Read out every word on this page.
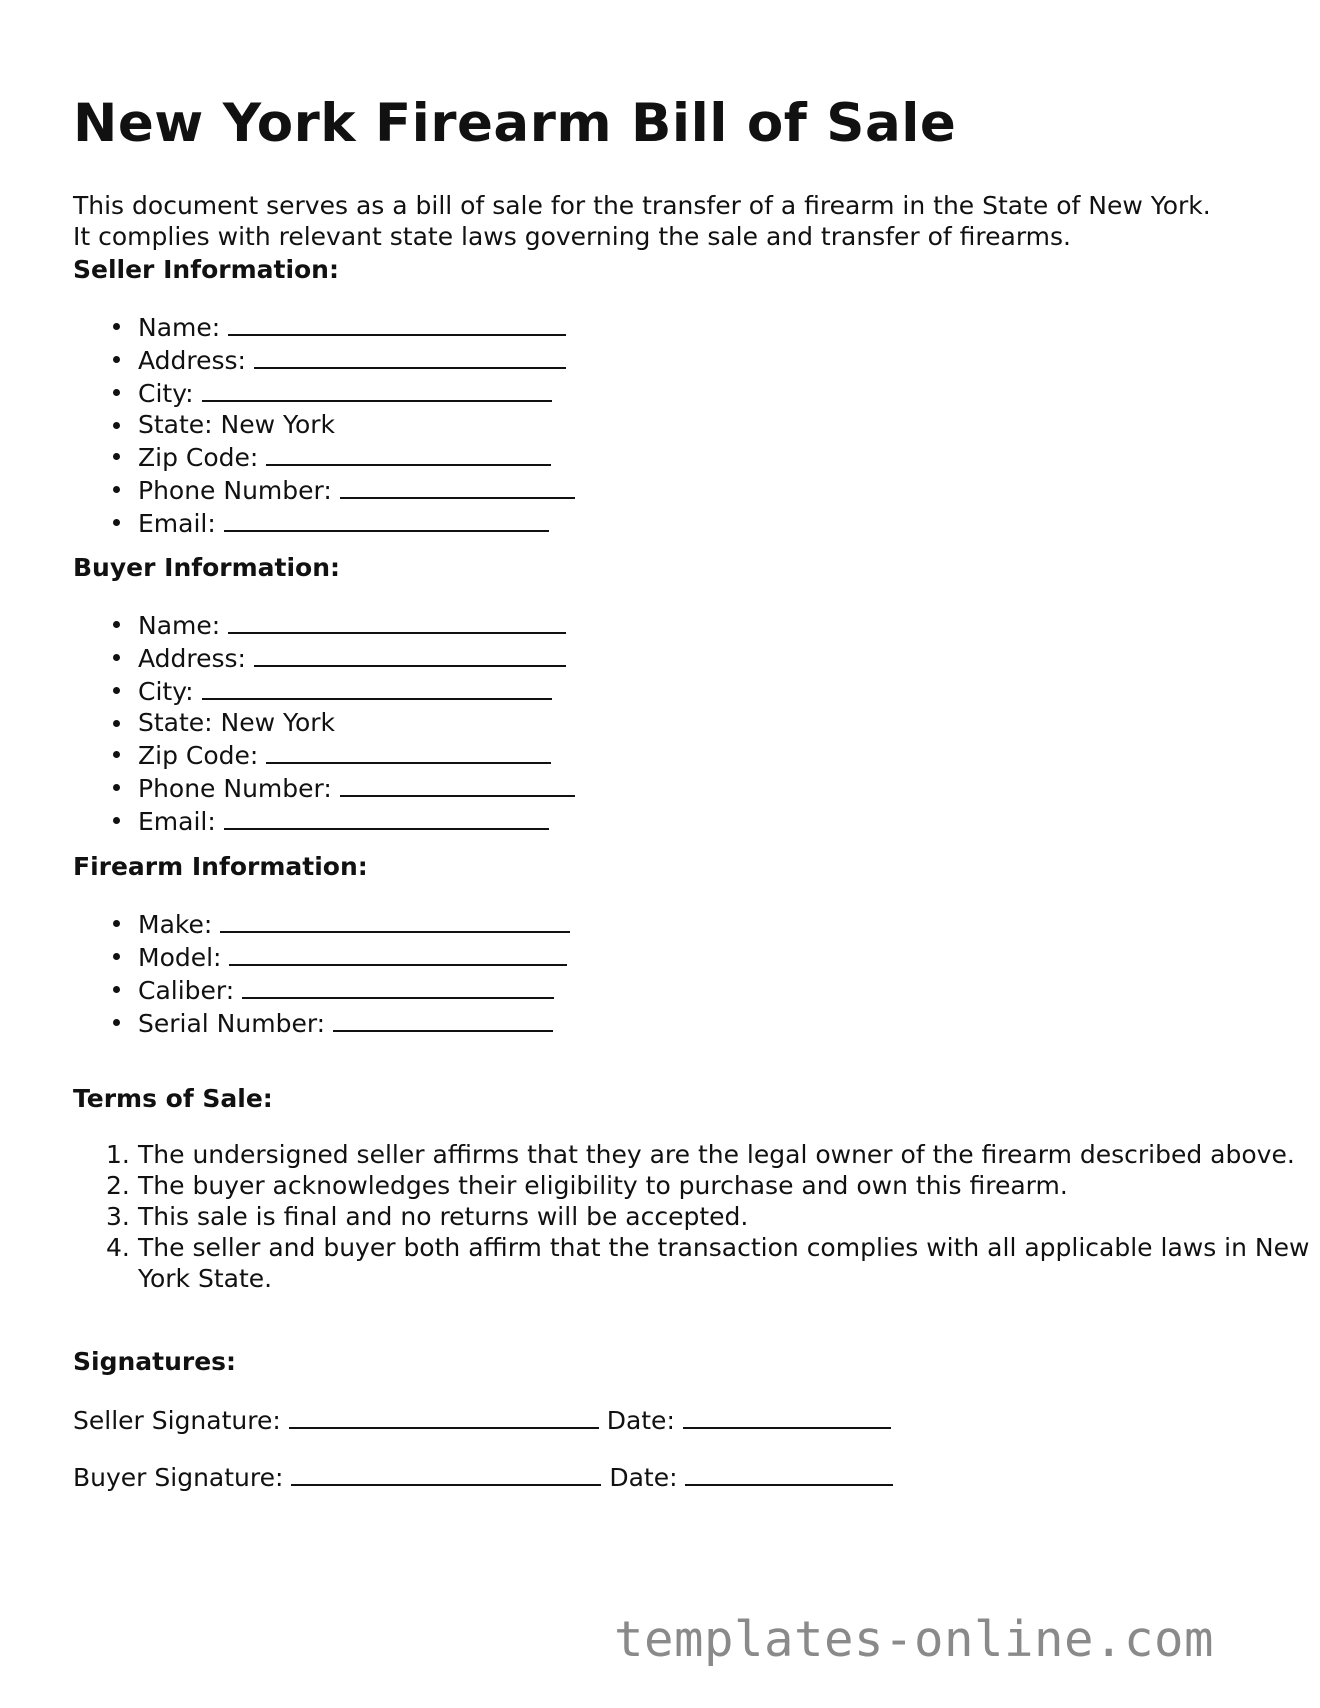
New York Firearm Bill of Sale

This document serves as a bill of sale for the transfer of a firearm in the State of New York. It complies with relevant state laws governing the sale and transfer of firearms.

Seller Information:

Name:
Address:
City:
State: New York
Zip Code:
Phone Number:
Email:

Buyer Information:

Name:
Address:
City:
State: New York
Zip Code:
Phone Number:
Email:

Firearm Information:

Make:
Model:
Caliber:
Serial Number:

Terms of Sale:

1. The undersigned seller affirms that they are the legal owner of the firearm described above.
2. The buyer acknowledges their eligibility to purchase and own this firearm.
3. This sale is final and no returns will be accepted.
4. The seller and buyer both affirm that the transaction complies with all applicable laws in New York State.

Signatures:

Seller Signature:	Date:
Buyer Signature:	Date:
templates-online.com
